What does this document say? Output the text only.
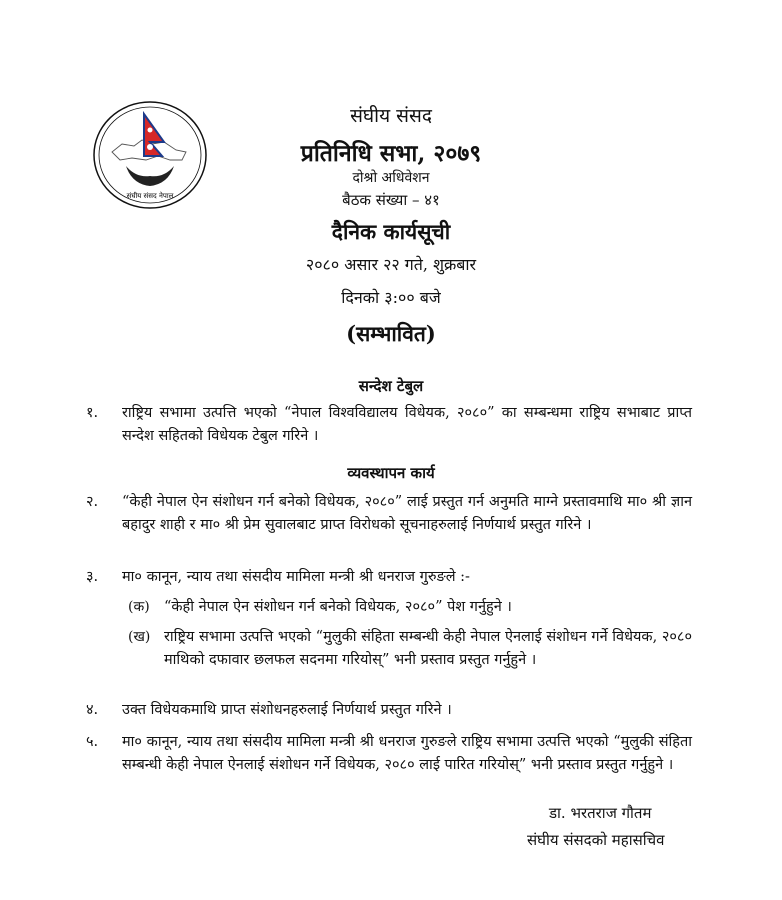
संघीय संसद नेपाल
संघीय संसद
प्रतिनिधि सभा, २०७९
दोश्रो अधिवेशन
बैठक संख्या – ४१
दैनिक कार्यसूची
२०८० असार २२ गते, शुक्रबार
दिनको ३:०० बजे
(सम्भावित)
सन्देश टेबुल
१. राष्ट्रिय सभामा उत्पत्ति भएको “नेपाल विश्वविद्यालय विधेयक, २०८०” का सम्बन्धमा राष्ट्रिय सभाबाट प्राप्त सन्देश सहितको विधेयक टेबुल गरिने ।
व्यवस्थापन कार्य
२. “केही नेपाल ऐन संशोधन गर्न बनेको विधेयक, २०८०” लाई प्रस्तुत गर्न अनुमति माग्ने प्रस्तावमाथि मा० श्री ज्ञान बहादुर शाही र मा० श्री प्रेम सुवालबाट प्राप्त विरोधको सूचनाहरुलाई निर्णयार्थ प्रस्तुत गरिने ।
३. मा० कानून, न्याय तथा संसदीय मामिला मन्त्री श्री धनराज गुरुङले :-
(क) “केही नेपाल ऐन संशोधन गर्न बनेको विधेयक, २०८०” पेश गर्नुहुने ।
(ख) राष्ट्रिय सभामा उत्पत्ति भएको “मुलुकी संहिता सम्बन्धी केही नेपाल ऐनलाई संशोधन गर्ने विधेयक, २०८० माथिको दफावार छलफल सदनमा गरियोस्” भनी प्रस्ताव प्रस्तुत गर्नुहुने ।
४. उक्त विधेयकमाथि प्राप्त संशोधनहरुलाई निर्णयार्थ प्रस्तुत गरिने ।
५. मा० कानून, न्याय तथा संसदीय मामिला मन्त्री श्री धनराज गुरुङले राष्ट्रिय सभामा उत्पत्ति भएको “मुलुकी संहिता सम्बन्धी केही नेपाल ऐनलाई संशोधन गर्ने विधेयक, २०८० लाई पारित गरियोस्” भनी प्रस्ताव प्रस्तुत गर्नुहुने ।
डा. भरतराज गौतम
संघीय संसदको महासचिव
